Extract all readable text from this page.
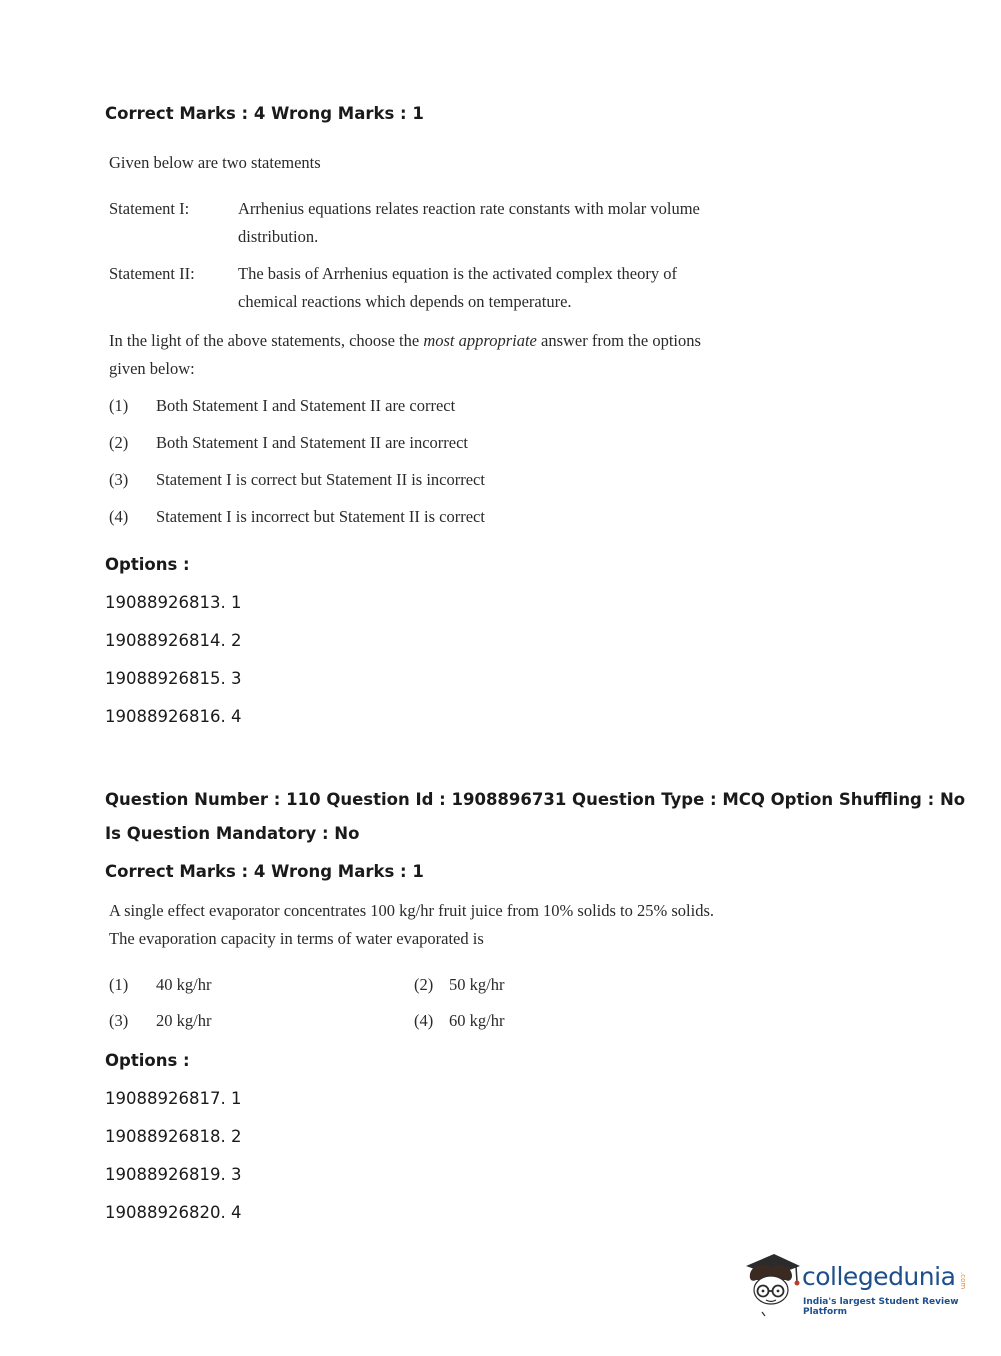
Correct Marks : 4 Wrong Marks : 1
Given below are two statements
Statement I:	Arrhenius equations relates reaction rate constants with molar volume
distribution.
Statement II:	The basis of Arrhenius equation is the activated complex theory of
chemical reactions which depends on temperature.
In the light of the above statements, choose the most appropriate answer from the options
given below:
(1) Both Statement I and Statement II are correct
(2) Both Statement I and Statement II are incorrect
(3) Statement I is correct but Statement II is incorrect
(4) Statement I is incorrect but Statement II is correct
Options :
19088926813. 1
19088926814. 2
19088926815. 3
19088926816. 4
Question Number : 110 Question Id : 1908896731 Question Type : MCQ Option Shuffling : No
Is Question Mandatory : No
Correct Marks : 4 Wrong Marks : 1
A single effect evaporator concentrates 100 kg/hr fruit juice from 10% solids to 25% solids.
The evaporation capacity in terms of water evaporated is
(1) 40 kg/hr	(2) 50 kg/hr
(3) 20 kg/hr	(4) 60 kg/hr
Options :
19088926817. 1
19088926818. 2
19088926819. 3
19088926820. 4
collegedunia .com
India's largest Student Review Platform
